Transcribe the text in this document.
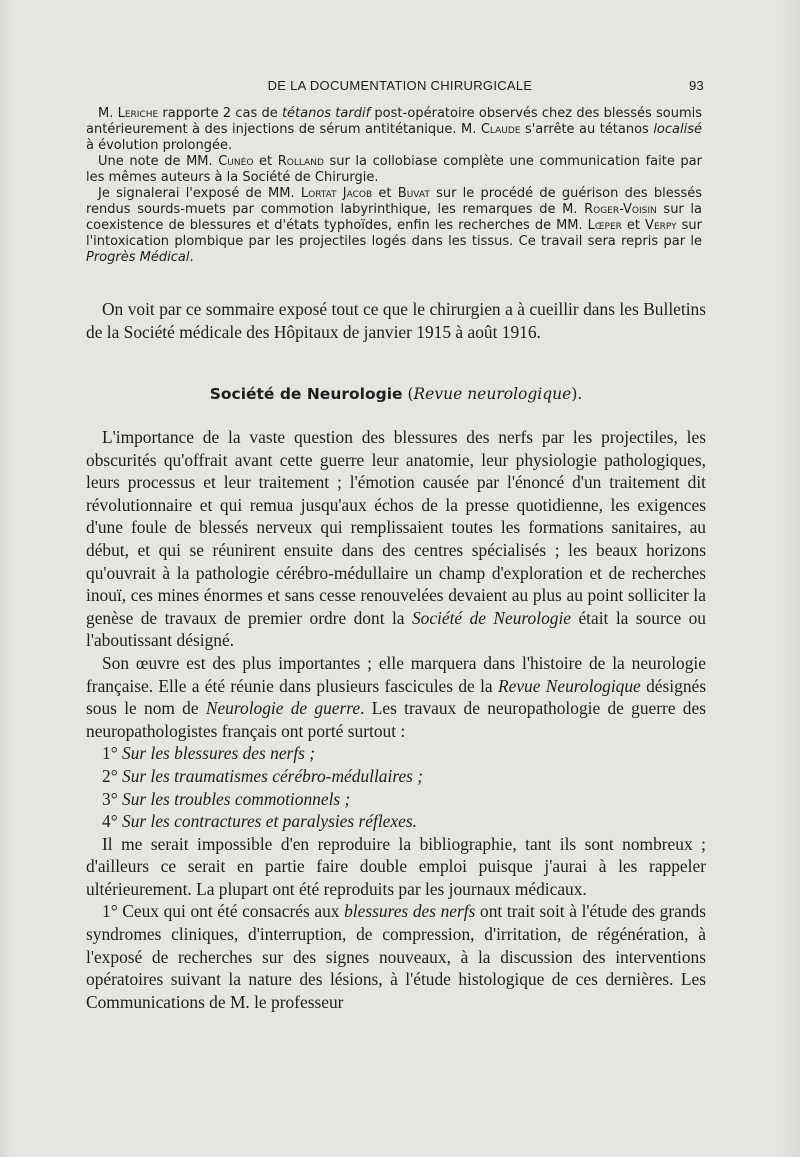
DE LA DOCUMENTATION CHIRURGICALE	93

M. Leriche rapporte 2 cas de tétanos tardif post-opératoire observés chez des blessés soumis antérieurement à des injections de sérum antitétanique. M. Claude s'arrête au tétanos localisé à évolution prolongée.

Une note de MM. Cunéo et Rolland sur la collobiase complète une communication faite par les mêmes auteurs à la Société de Chirurgie.

Je signalerai l'exposé de MM. Lortat Jacob et Buvat sur le procédé de guérison des blessés rendus sourds-muets par commotion labyrinthique, les remarques de M. Roger-Voisin sur la coexistence de blessures et d'états typhoïdes, enfin les recherches de MM. Lœper et Verpy sur l'intoxication plombique par les projectiles logés dans les tissus. Ce travail sera repris par le Progrès Médical.

On voit par ce sommaire exposé tout ce que le chirurgien a à cueillir dans les Bulletins de la Société médicale des Hôpitaux de janvier 1915 à août 1916.

Société de Neurologie (Revue neurologique).

L'importance de la vaste question des blessures des nerfs par les projectiles, les obscurités qu'offrait avant cette guerre leur anatomie, leur physiologie pathologiques, leurs processus et leur traitement ; l'émotion causée par l'énoncé d'un traitement dit révolutionnaire et qui remua jusqu'aux échos de la presse quotidienne, les exigences d'une foule de blessés nerveux qui remplissaient toutes les formations sanitaires, au début, et qui se réunirent ensuite dans des centres spécialisés ; les beaux horizons qu'ouvrait à la pathologie cérébro-médullaire un champ d'exploration et de recherches inouï, ces mines énormes et sans cesse renouvelées devaient au plus au point solliciter la genèse de travaux de premier ordre dont la Société de Neurologie était la source ou l'aboutissant désigné.

Son œuvre est des plus importantes ; elle marquera dans l'histoire de la neurologie française. Elle a été réunie dans plusieurs fascicules de la Revue Neurologique désignés sous le nom de Neurologie de guerre. Les travaux de neuropathologie de guerre des neuropathologistes français ont porté surtout :

1° Sur les blessures des nerfs ;

2° Sur les traumatismes cérébro-médullaires ;

3° Sur les troubles commotionnels ;

4° Sur les contractures et paralysies réflexes.

Il me serait impossible d'en reproduire la bibliographie, tant ils sont nombreux ; d'ailleurs ce serait en partie faire double emploi puisque j'aurai à les rappeler ultérieurement. La plupart ont été reproduits par les journaux médicaux.

1° Ceux qui ont été consacrés aux blessures des nerfs ont trait soit à l'étude des grands syndromes cliniques, d'interruption, de compression, d'irritation, de régénération, à l'exposé de recherches sur des signes nouveaux, à la discussion des interventions opératoires suivant la nature des lésions, à l'étude histologique de ces dernières. Les Communications de M. le professeur
